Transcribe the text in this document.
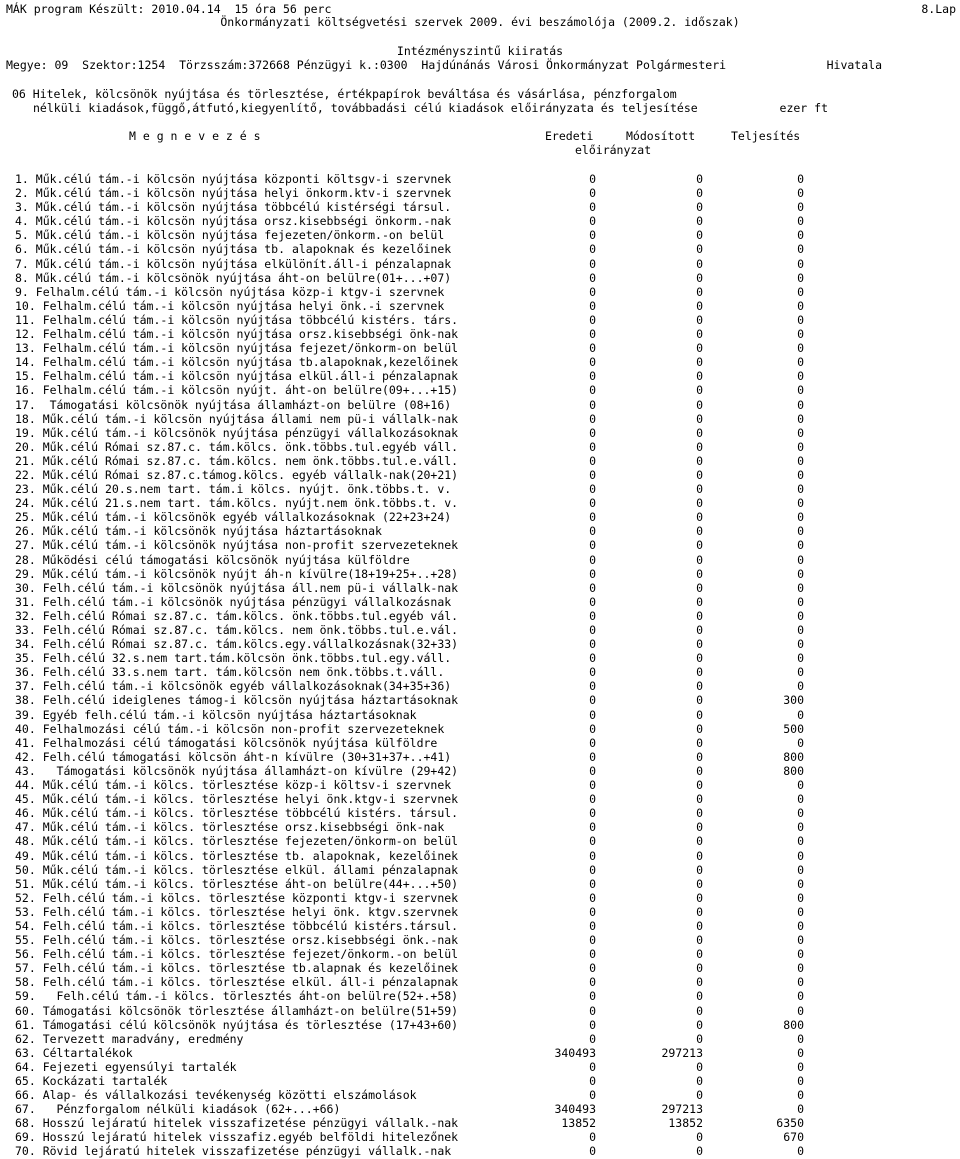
MÁK program Készült: 2010.04.14  15 óra 56 perc	8.Lap
Önkormányzati költségvetési szervek 2009. évi beszámolója (2009.2. időszak)
Intézményszintű kiiratás
Megye: 09  Szektor:1254  Törzsszám:372668 Pénzügyi k.:0300  Hajdúnánás Városi Önkormányzat Polgármesteri	Hivatala
06 Hitelek, kölcsönök nyújtása és törlesztése, értékpapírok beváltása és vásárlása, pénzforgalom
nélküli kiadások,függő,átfutó,kiegyenlítő, továbbadási célú kiadások előirányzata és teljesítése	ezer ft
M e g n e v e z é s	Eredeti	Módosított	Teljesítés
előirányzat
1. Műk.célú tám.-i kölcsön nyújtása központi költsgv-i szervnek	0	0	0
2. Műk.célú tám.-i kölcsön nyújtása helyi önkorm.ktv-i szervnek	0	0	0
3. Műk.célú tám.-i kölcsön nyújtása többcélú kistérségi társul.	0	0	0
4. Műk.célú tám.-i kölcsön nyújtása orsz.kisebbségi önkorm.-nak	0	0	0
5. Műk.célú tám.-i kölcsön nyújtása fejezeten/önkorm.-on belül	0	0	0
6. Műk.célú tám.-i kölcsön nyújtása tb. alapoknak és kezelőinek	0	0	0
7. Műk.célú tám.-i kölcsön nyújtása elkülönít.áll-i pénzalapnak	0	0	0
8. Műk.célú tám.-i kölcsönök nyújtása áht-on belülre(01+...+07)	0	0	0
9. Felhalm.célú tám.-i kölcsön nyújtása közp-i ktgv-i szervnek	0	0	0
10. Felhalm.célú tám.-i kölcsön nyújtása helyi önk.-i szervnek	0	0	0
11. Felhalm.célú tám.-i kölcsön nyújtása többcélú kistérs. társ.	0	0	0
12. Felhalm.célú tám.-i kölcsön nyújtása orsz.kisebbségi önk-nak	0	0	0
13. Felhalm.célú tám.-i kölcsön nyújtása fejezet/önkorm-on belül	0	0	0
14. Felhalm.célú tám.-i kölcsön nyújtása tb.alapoknak,kezelőinek	0	0	0
15. Felhalm.célú tám.-i kölcsön nyújtása elkül.áll-i pénzalapnak	0	0	0
16. Felhalm.célú tám.-i kölcsön nyújt. áht-on belülre(09+...+15)	0	0	0
17.  Támogatási kölcsönök nyújtása államházt-on belülre (08+16)	0	0	0
18. Műk.célú tám.-i kölcsön nyújtása állami nem pü-i vállalk-nak	0	0	0
19. Műk.célú tám.-i kölcsönök nyújtása pénzügyi vállalkozásoknak	0	0	0
20. Műk.célú Római sz.87.c. tám.kölcs. önk.többs.tul.egyéb váll.	0	0	0
21. Műk.célú Római sz.87.c. tám.kölcs. nem önk.többs.tul.e.váll.	0	0	0
22. Műk.célú Római sz.87.c.támog.kölcs. egyéb vállalk-nak(20+21)	0	0	0
23. Műk.célú 20.s.nem tart. tám.i kölcs. nyújt. önk.többs.t. v.	0	0	0
24. Műk.célú 21.s.nem tart. tám.kölcs. nyújt.nem önk.többs.t. v.	0	0	0
25. Műk.célú tám.-i kölcsönök egyéb vállalkozásoknak (22+23+24)	0	0	0
26. Műk.célú tám.-i kölcsönök nyújtása háztartásoknak	0	0	0
27. Műk.célú tám.-i kölcsönök nyújtása non-profit szervezeteknek	0	0	0
28. Működési célú támogatási kölcsönök nyújtása külföldre	0	0	0
29. Műk.célú tám.-i kölcsönök nyújt áh-n kívülre(18+19+25+..+28)	0	0	0
30. Felh.célú tám.-i kölcsönök nyújtása áll.nem pü-i vállalk-nak	0	0	0
31. Felh.célú tám.-i kölcsönök nyújtása pénzügyi vállalkozásnak	0	0	0
32. Felh.célú Római sz.87.c. tám.kölcs. önk.többs.tul.egyéb vál.	0	0	0
33. Felh.célú Római sz.87.c. tám.kölcs. nem önk.többs.tul.e.vál.	0	0	0
34. Felh.célú Római sz.87.c. tám.kölcs.egy.vállalkozásnak(32+33)	0	0	0
35. Felh.célú 32.s.nem tart.tám.kölcsön önk.többs.tul.egy.váll.	0	0	0
36. Felh.célú 33.s.nem tart. tám.kölcsön nem önk.többs.t.váll.	0	0	0
37. Felh.célú tám.-i kölcsönök egyéb vállalkozásoknak(34+35+36)	0	0	0
38. Felh.célú ideiglenes támog-i kölcsön nyújtása háztartásoknak	0	0	300
39. Egyéb felh.célú tám.-i kölcsön nyújtása háztartásoknak	0	0	0
40. Felhalmozási célú tám.-i kölcsön non-profit szervezeteknek	0	0	500
41. Felhalmozási célú támogatási kölcsönök nyújtása külföldre	0	0	0
42. Felh.célú támogatási kölcsön áht-n kívülre (30+31+37+..+41)	0	0	800
43.   Támogatási kölcsönök nyújtása államházt-on kívülre (29+42)	0	0	800
44. Műk.célú tám.-i kölcs. törlesztése közp-i költsv-i szervnek	0	0	0
45. Műk.célú tám.-i kölcs. törlesztése helyi önk.ktgv-i szervnek	0	0	0
46. Műk.célú tám.-i kölcs. törlesztése többcélú kistérs. társul.	0	0	0
47. Műk.célú tám.-i kölcs. törlesztése orsz.kisebbségi önk-nak	0	0	0
48. Műk.célú tám.-i kölcs. törlesztése fejezeten/önkorm-on belül	0	0	0
49. Műk.célú tám.-i kölcs. törlesztése tb. alapoknak, kezelőinek	0	0	0
50. Műk.célú tám.-i kölcs. törlesztése elkül. állami pénzalapnak	0	0	0
51. Műk.célú tám.-i kölcs. törlesztése áht-on belülre(44+...+50)	0	0	0
52. Felh.célú tám.-i kölcs. törlesztése központi ktgv-i szervnek	0	0	0
53. Felh.célú tám.-i kölcs. törlesztése helyi önk. ktgv.szervnek	0	0	0
54. Felh.célú tám.-i kölcs. törlesztése többcélú kistérs.társul.	0	0	0
55. Felh.célú tám.-i kölcs. törlesztése orsz.kisebbségi önk.-nak	0	0	0
56. Felh.célú tám.-i kölcs. törlesztése fejezet/önkorm.-on belül	0	0	0
57. Felh.célú tám.-i kölcs. törlesztése tb.alapnak és kezelőinek	0	0	0
58. Felh.célú tám.-i kölcs. törlesztése elkül. áll-i pénzalapnak	0	0	0
59.   Felh.célú tám.-i kölcs. törlesztés áht-on belülre(52+.+58)	0	0	0
60. Támogatási kölcsönök törlesztése államházt-on belülre(51+59)	0	0	0
61. Támogatási célú kölcsönök nyújtása és törlesztése (17+43+60)	0	0	800
62. Tervezett maradvány, eredmény	0	0	0
63. Céltartalékok	340493	297213	0
64. Fejezeti egyensúlyi tartalék	0	0	0
65. Kockázati tartalék	0	0	0
66. Alap- és vállalkozási tevékenység közötti elszámolások	0	0	0
67.   Pénzforgalom nélküli kiadások (62+...+66)	340493	297213	0
68. Hosszú lejáratú hitelek visszafizetése pénzügyi vállalk.-nak	13852	13852	6350
69. Hosszú lejáratú hitelek visszafiz.egyéb belföldi hitelezőnek	0	0	670
70. Rövid lejáratú hitelek visszafizetése pénzügyi vállalk.-nak	0	0	0
